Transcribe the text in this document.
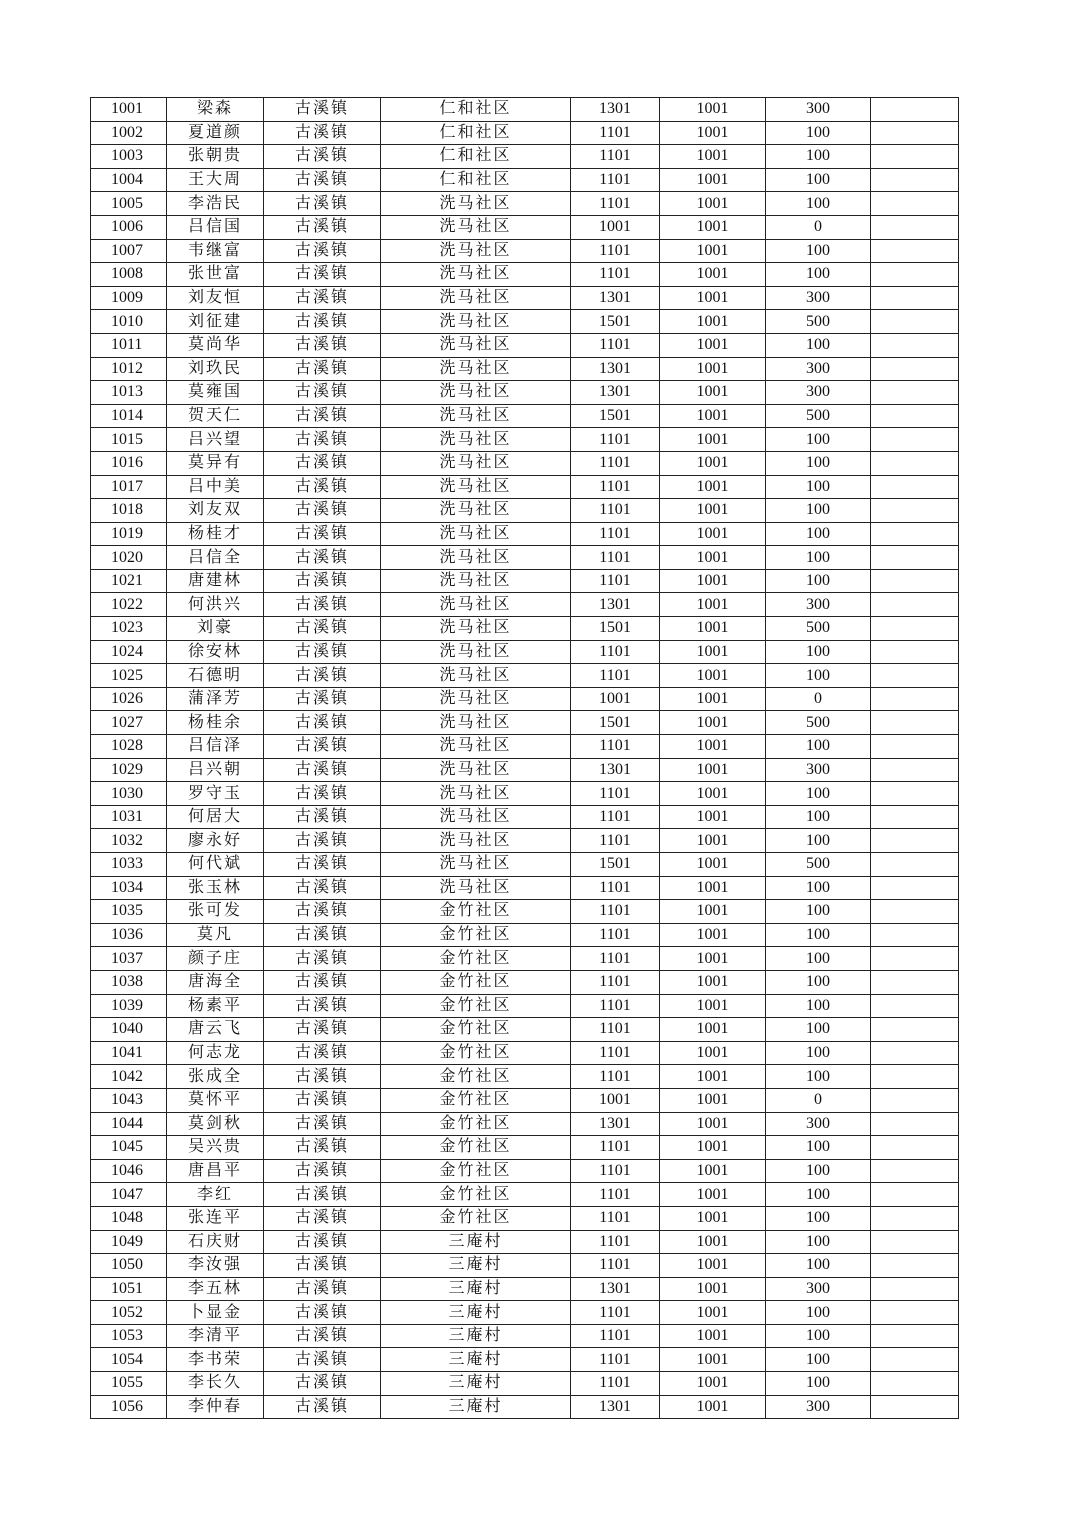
1001	梁森	古溪镇	仁和社区	1301	1001	300	
1002	夏道颜	古溪镇	仁和社区	1101	1001	100	
1003	张朝贵	古溪镇	仁和社区	1101	1001	100	
1004	王大周	古溪镇	仁和社区	1101	1001	100	
1005	李浩民	古溪镇	洗马社区	1101	1001	100	
1006	吕信国	古溪镇	洗马社区	1001	1001	0	
1007	韦继富	古溪镇	洗马社区	1101	1001	100	
1008	张世富	古溪镇	洗马社区	1101	1001	100	
1009	刘友恒	古溪镇	洗马社区	1301	1001	300	
1010	刘征建	古溪镇	洗马社区	1501	1001	500	
1011	莫尚华	古溪镇	洗马社区	1101	1001	100	
1012	刘玖民	古溪镇	洗马社区	1301	1001	300	
1013	莫雍国	古溪镇	洗马社区	1301	1001	300	
1014	贺天仁	古溪镇	洗马社区	1501	1001	500	
1015	吕兴望	古溪镇	洗马社区	1101	1001	100	
1016	莫异有	古溪镇	洗马社区	1101	1001	100	
1017	吕中美	古溪镇	洗马社区	1101	1001	100	
1018	刘友双	古溪镇	洗马社区	1101	1001	100	
1019	杨桂才	古溪镇	洗马社区	1101	1001	100	
1020	吕信全	古溪镇	洗马社区	1101	1001	100	
1021	唐建林	古溪镇	洗马社区	1101	1001	100	
1022	何洪兴	古溪镇	洗马社区	1301	1001	300	
1023	刘豪	古溪镇	洗马社区	1501	1001	500	
1024	徐安林	古溪镇	洗马社区	1101	1001	100	
1025	石德明	古溪镇	洗马社区	1101	1001	100	
1026	蒲泽芳	古溪镇	洗马社区	1001	1001	0	
1027	杨桂余	古溪镇	洗马社区	1501	1001	500	
1028	吕信泽	古溪镇	洗马社区	1101	1001	100	
1029	吕兴朝	古溪镇	洗马社区	1301	1001	300	
1030	罗守玉	古溪镇	洗马社区	1101	1001	100	
1031	何居大	古溪镇	洗马社区	1101	1001	100	
1032	廖永好	古溪镇	洗马社区	1101	1001	100	
1033	何代斌	古溪镇	洗马社区	1501	1001	500	
1034	张玉林	古溪镇	洗马社区	1101	1001	100	
1035	张可发	古溪镇	金竹社区	1101	1001	100	
1036	莫凡	古溪镇	金竹社区	1101	1001	100	
1037	颜子庄	古溪镇	金竹社区	1101	1001	100	
1038	唐海全	古溪镇	金竹社区	1101	1001	100	
1039	杨素平	古溪镇	金竹社区	1101	1001	100	
1040	唐云飞	古溪镇	金竹社区	1101	1001	100	
1041	何志龙	古溪镇	金竹社区	1101	1001	100	
1042	张成全	古溪镇	金竹社区	1101	1001	100	
1043	莫怀平	古溪镇	金竹社区	1001	1001	0	
1044	莫剑秋	古溪镇	金竹社区	1301	1001	300	
1045	吴兴贵	古溪镇	金竹社区	1101	1001	100	
1046	唐昌平	古溪镇	金竹社区	1101	1001	100	
1047	李红	古溪镇	金竹社区	1101	1001	100	
1048	张连平	古溪镇	金竹社区	1101	1001	100	
1049	石庆财	古溪镇	三庵村	1101	1001	100	
1050	李汝强	古溪镇	三庵村	1101	1001	100	
1051	李五林	古溪镇	三庵村	1301	1001	300	
1052	卜显金	古溪镇	三庵村	1101	1001	100	
1053	李清平	古溪镇	三庵村	1101	1001	100	
1054	李书荣	古溪镇	三庵村	1101	1001	100	
1055	李长久	古溪镇	三庵村	1101	1001	100	
1056	李仲春	古溪镇	三庵村	1301	1001	300	
